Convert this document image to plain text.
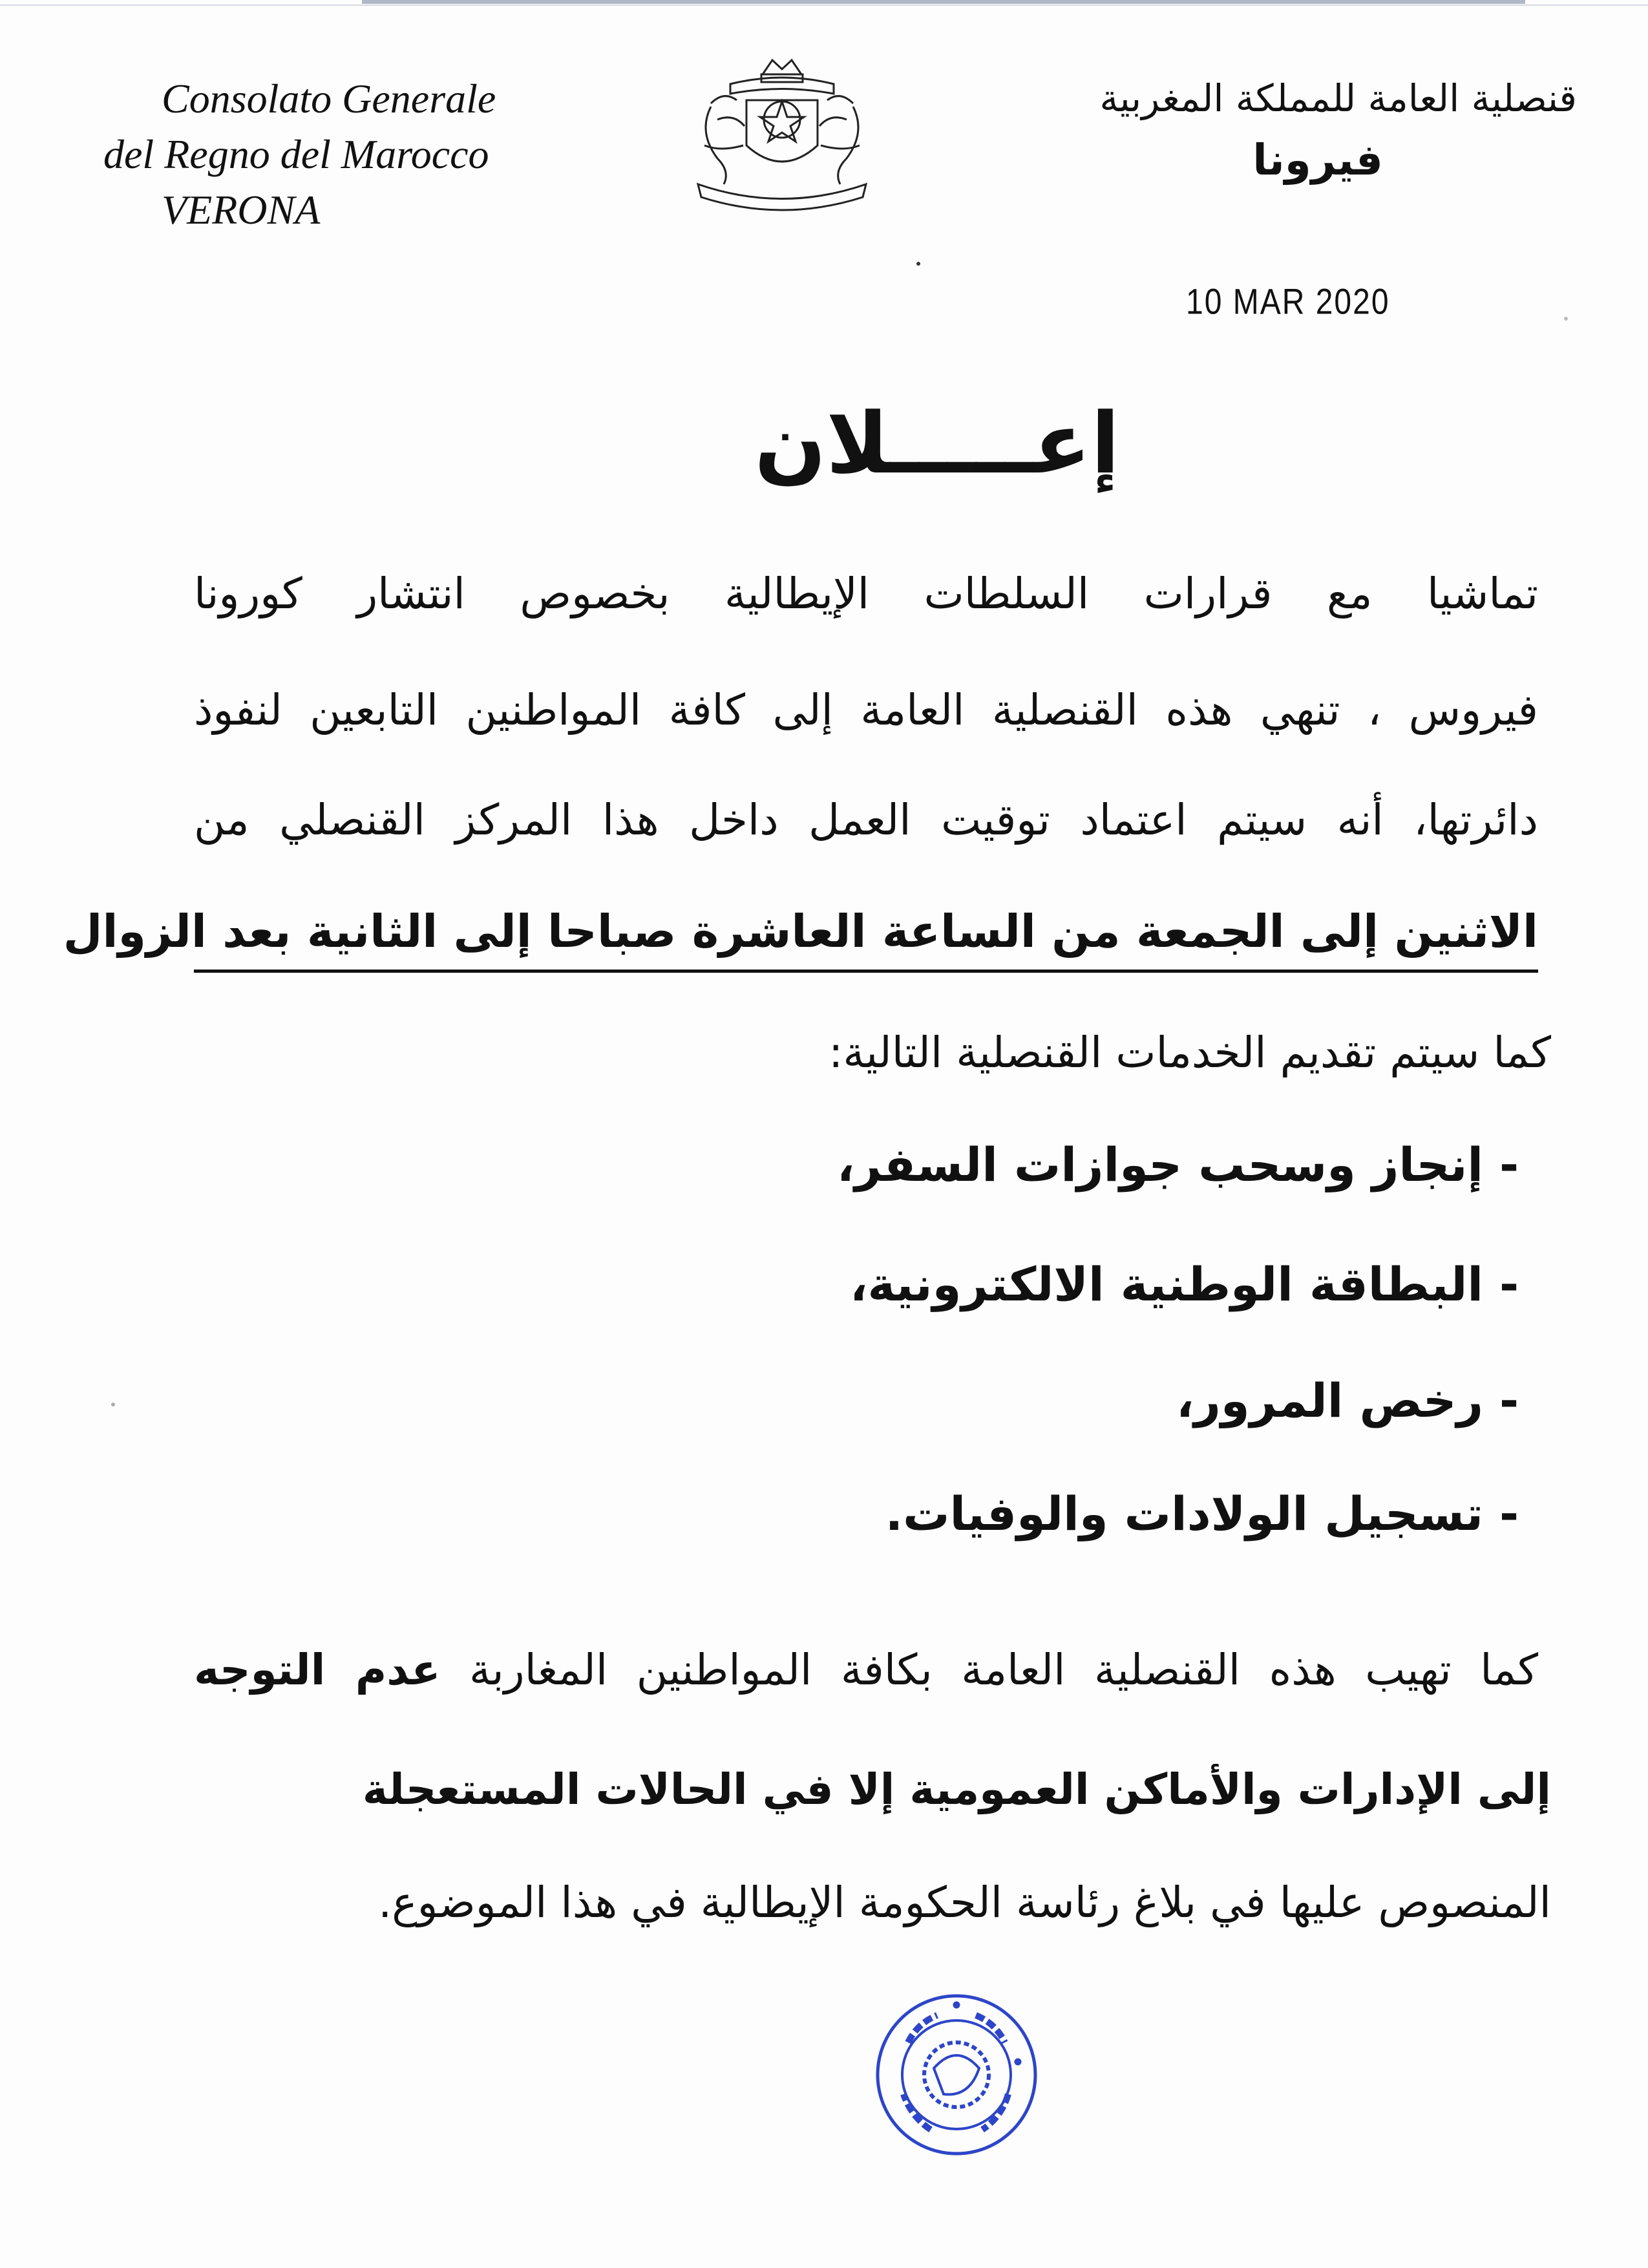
Consolato Generale
del Regno del Marocco
VERONA
قنصلية العامة للمملكة المغربية
فيرونا
10 MAR 2020
إعـــــلان
تماشيا مع قرارات السلطات الإيطالية بخصوص انتشار كورونا
فيروس ، تنهي هذه القنصلية العامة إلى كافة المواطنين التابعين لنفوذ
دائرتها، أنه سيتم اعتماد توقيت العمل داخل هذا المركز القنصلي من
الاثنين إلى الجمعة من الساعة العاشرة صباحا إلى الثانية بعد الزوال
كما سيتم تقديم الخدمات القنصلية التالية:
- إنجاز وسحب جوازات السفر،
- البطاقة الوطنية الالكترونية،
- رخص المرور،
- تسجيل الولادات والوفيات.
كما تهيب هذه القنصلية العامة بكافة المواطنين المغاربة عدم التوجه
إلى الإدارات والأماكن العمومية إلا في الحالات المستعجلة
المنصوص عليها في بلاغ رئاسة الحكومة الإيطالية في هذا الموضوع.
